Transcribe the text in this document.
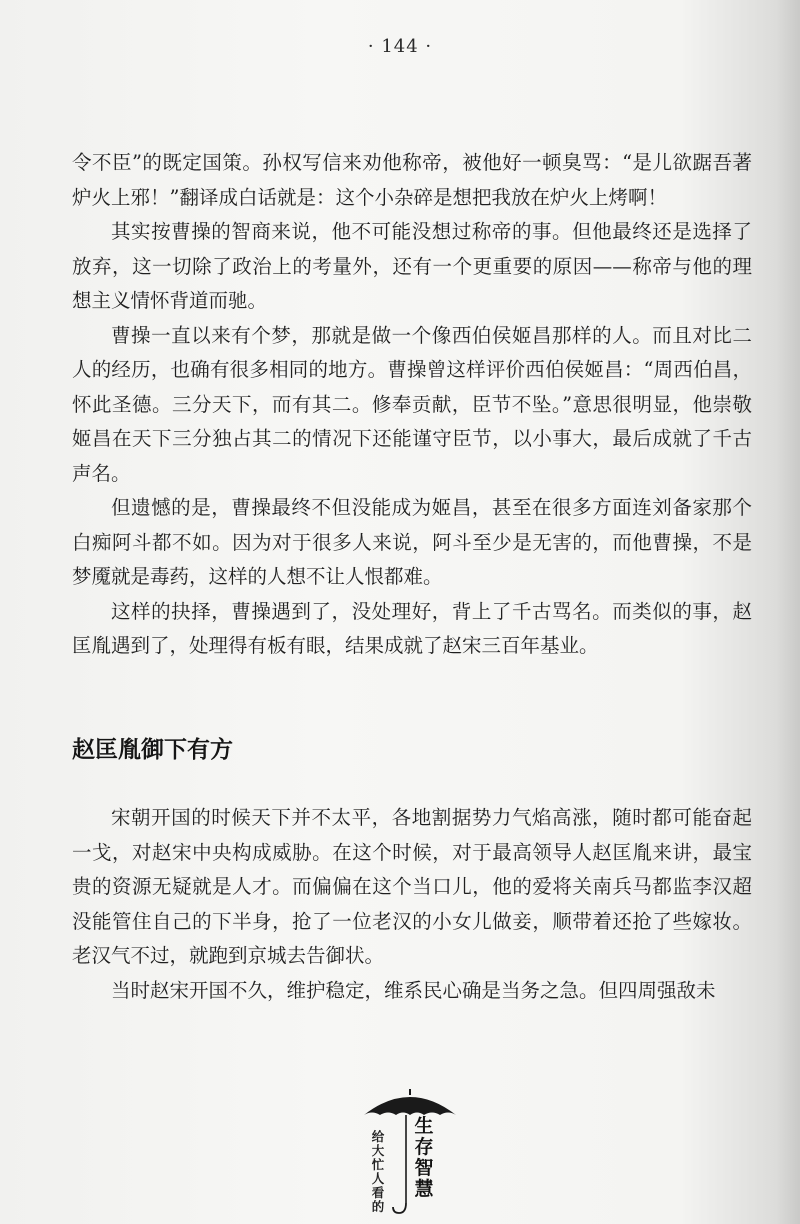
· 144 ·

令不臣”的既定国策。孙权写信来劝他称帝，被他好一顿臭骂：“是儿欲踞吾著炉火上邪！”翻译成白话就是：这个小杂碎是想把我放在炉火上烤啊！

其实按曹操的智商来说，他不可能没想过称帝的事。但他最终还是选择了放弃，这一切除了政治上的考量外，还有一个更重要的原因——称帝与他的理想主义情怀背道而驰。

曹操一直以来有个梦，那就是做一个像西伯侯姬昌那样的人。而且对比二人的经历，也确有很多相同的地方。曹操曾这样评价西伯侯姬昌：“周西伯昌，怀此圣德。三分天下，而有其二。修奉贡献，臣节不坠。”意思很明显，他崇敬姬昌在天下三分独占其二的情况下还能谨守臣节，以小事大，最后成就了千古声名。

但遗憾的是，曹操最终不但没能成为姬昌，甚至在很多方面连刘备家那个白痴阿斗都不如。因为对于很多人来说，阿斗至少是无害的，而他曹操，不是梦魇就是毒药，这样的人想不让人恨都难。

这样的抉择，曹操遇到了，没处理好，背上了千古骂名。而类似的事，赵匡胤遇到了，处理得有板有眼，结果成就了赵宋三百年基业。

赵匡胤御下有方

宋朝开国的时候天下并不太平，各地割据势力气焰高涨，随时都可能奋起一戈，对赵宋中央构成威胁。在这个时候，对于最高领导人赵匡胤来讲，最宝贵的资源无疑就是人才。而偏偏在这个当口儿，他的爱将关南兵马都监李汉超没能管住自己的下半身，抢了一位老汉的小女儿做妾，顺带着还抢了些嫁妆。老汉气不过，就跑到京城去告御状。

当时赵宋开国不久，维护稳定，维系民心确是当务之急。但四周强敌未

给大忙人看的
生存智慧
